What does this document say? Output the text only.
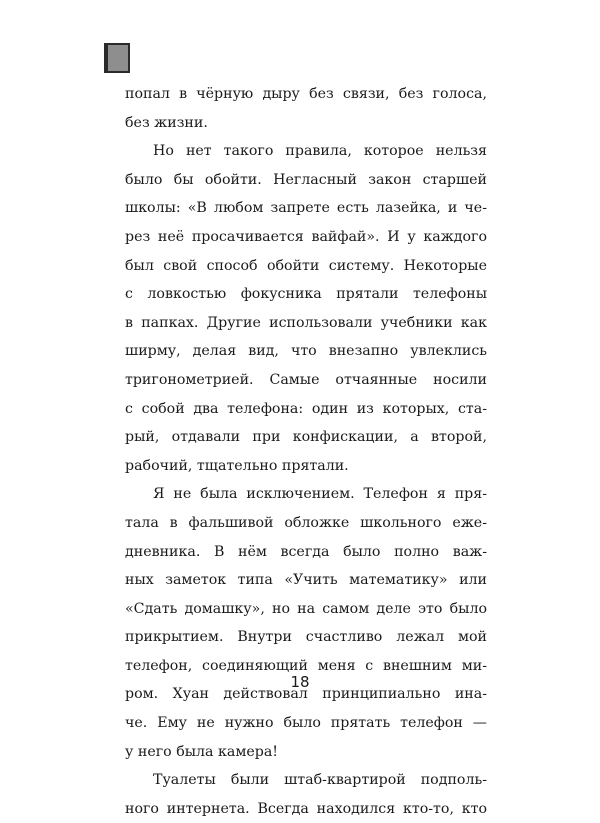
попал в чёрную дыру без связи, без голоса,
без жизни.
Но нет такого правила, которое нельзя
было бы обойти. Негласный закон старшей
школы: «В любом запрете есть лазейка, и че-
рез неё просачивается вайфай». И у каждого
был свой способ обойти систему. Некоторые
с ловкостью фокусника прятали телефоны
в папках. Другие использовали учебники как
ширму, делая вид, что внезапно увлеклись
тригонометрией. Самые отчаянные носили
с собой два телефона: один из которых, ста-
рый, отдавали при конфискации, а второй,
рабочий, тщательно прятали.
Я не была исключением. Телефон я пря-
тала в фальшивой обложке школьного еже-
дневника. В нём всегда было полно важ-
ных заметок типа «Учить математику» или
«Сдать домашку», но на самом деле это было
прикрытием. Внутри счастливо лежал мой
телефон, соединяющий меня с внешним ми-
ром. Хуан действовал принципиально ина-
че. Ему не нужно было прятать телефон —
у него была камера!
Туалеты были штаб-квартирой подполь-
ного интернета. Всегда находился кто-то, кто
18
